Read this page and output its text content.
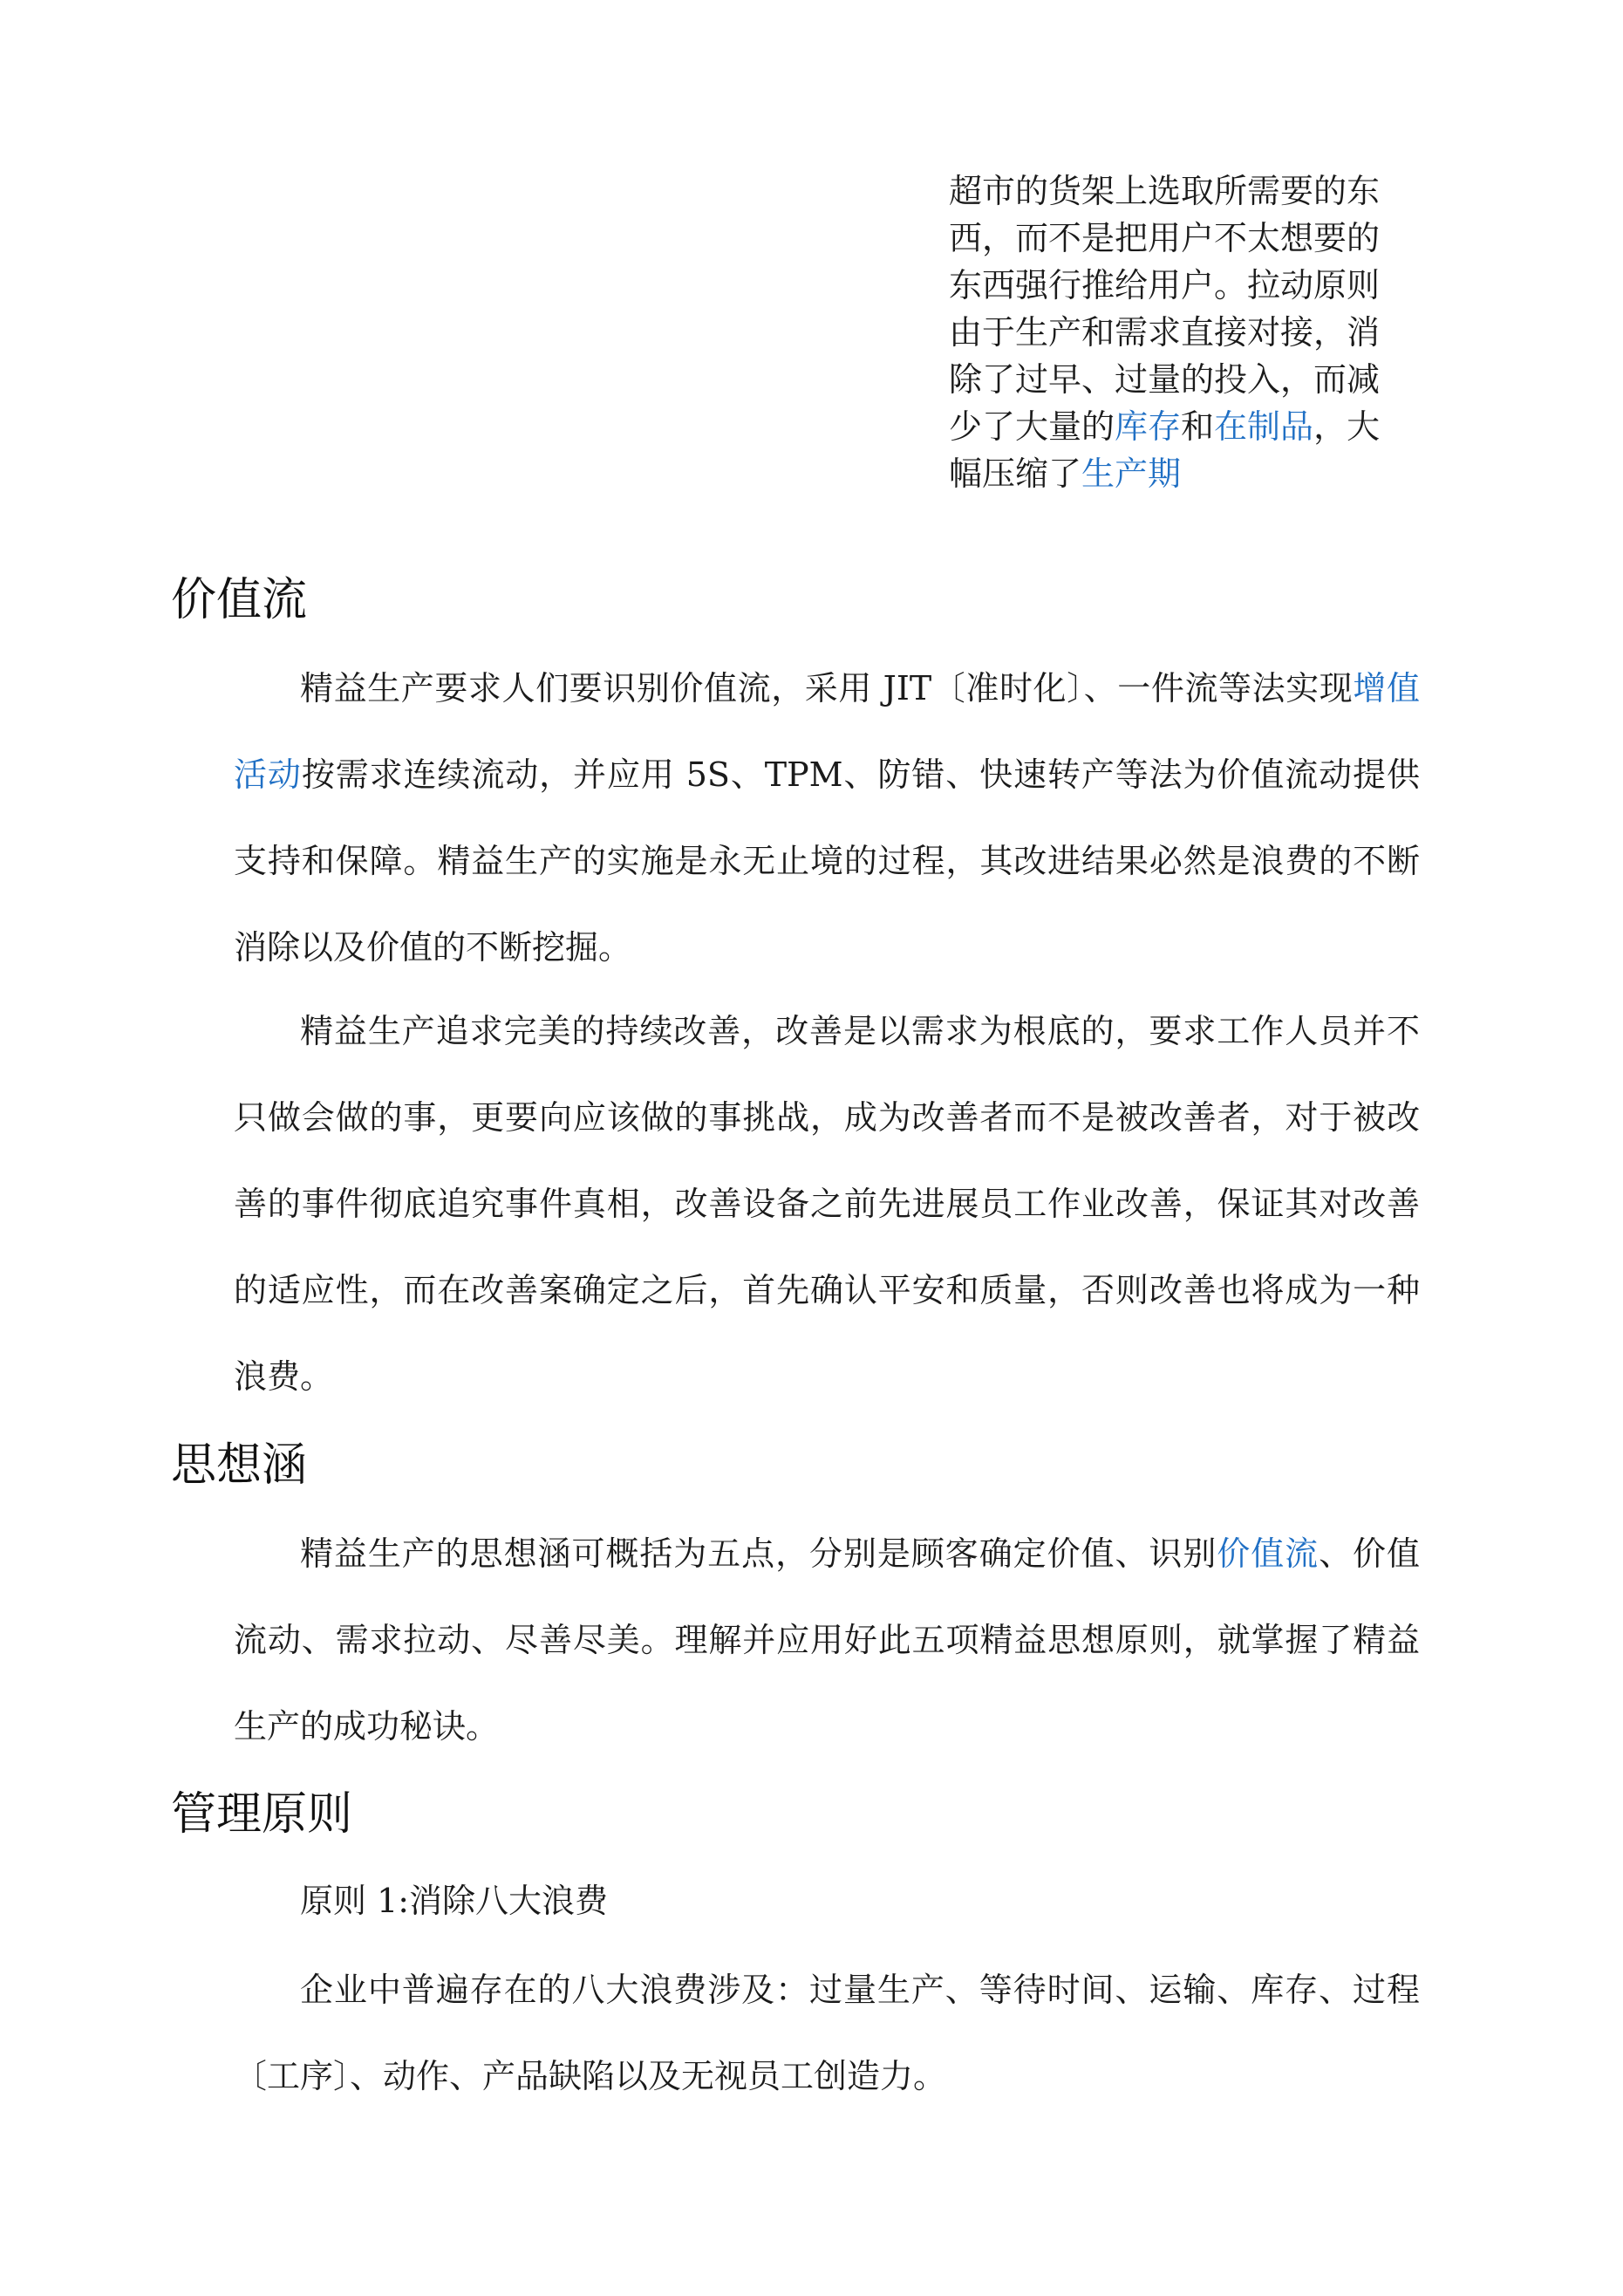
超市的货架上选取所需要的东西，而不是把用户不太想要的东西强行推给用户。拉动原则由于生产和需求直接对接，消除了过早、过量的投入，而减少了大量的库存和在制品，大幅压缩了生产期

价值流

精益生产要求人们要识别价值流，采用 JIT〔准时化〕、一件流等法实现增值活动按需求连续流动，并应用 5S、TPM、防错、快速转产等法为价值流动提供支持和保障。精益生产的实施是永无止境的过程，其改进结果必然是浪费的不断消除以及价值的不断挖掘。

精益生产追求完美的持续改善，改善是以需求为根底的，要求工作人员并不只做会做的事，更要向应该做的事挑战，成为改善者而不是被改善者，对于被改善的事件彻底追究事件真相，改善设备之前先进展员工作业改善，保证其对改善的适应性，而在改善案确定之后，首先确认平安和质量，否则改善也将成为一种浪费。

思想涵

精益生产的思想涵可概括为五点，分别是顾客确定价值、识别价值流、价值流动、需求拉动、尽善尽美。理解并应用好此五项精益思想原则，就掌握了精益生产的成功秘诀。

管理原则

原则 1:消除八大浪费

企业中普遍存在的八大浪费涉及：过量生产、等待时间、运输、库存、过程〔工序〕、动作、产品缺陷以及无视员工创造力。
